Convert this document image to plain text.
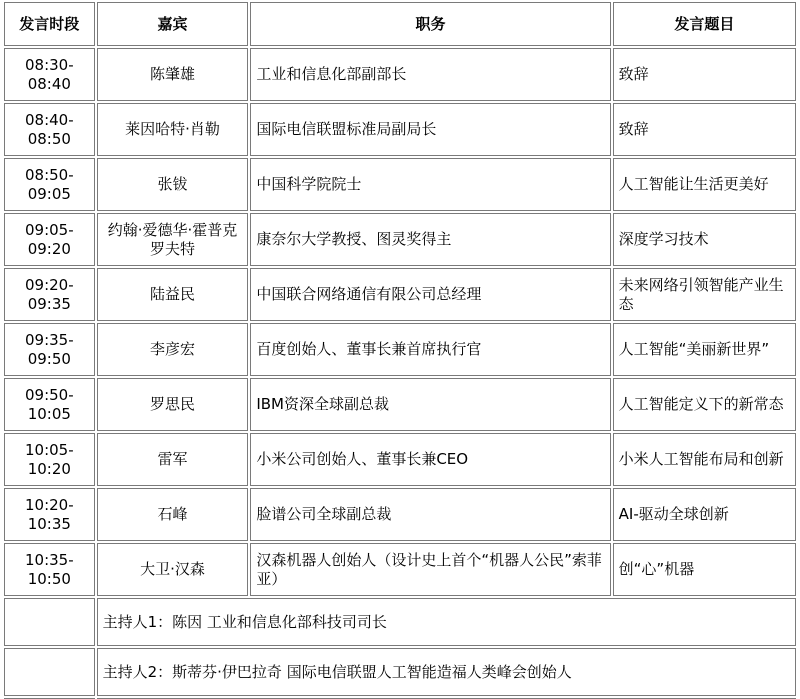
发言时段	嘉宾	职务	发言题目
08:30-
08:40	陈肇雄	工业和信息化部副部长	致辞
08:40-
08:50	莱因哈特·肖勒	国际电信联盟标准局副局长	致辞
08:50-
09:05	张钹	中国科学院院士	人工智能让生活更美好
09:05-
09:20	约翰·爱德华·霍普克罗夫特	康奈尔大学教授、图灵奖得主	深度学习技术
09:20-
09:35	陆益民	中国联合网络通信有限公司总经理	未来网络引领智能产业生态
09:35-
09:50	李彦宏	百度创始人、董事长兼首席执行官	人工智能“美丽新世界”
09:50-
10:05	罗思民	IBM资深全球副总裁	人工智能定义下的新常态
10:05-
10:20	雷军	小米公司创始人、董事长兼CEO	小米人工智能布局和创新
10:20-
10:35	石峰	脸谱公司全球副总裁	AI-驱动全球创新
10:35-
10:50	大卫·汉森	汉森机器人创始人（设计史上首个“机器人公民”索菲亚）	创“心”机器
	主持人1：陈因 工业和信息化部科技司司长		
	主持人2：斯蒂芬·伊巴拉奇 国际电信联盟人工智能造福人类峰会创始人		
